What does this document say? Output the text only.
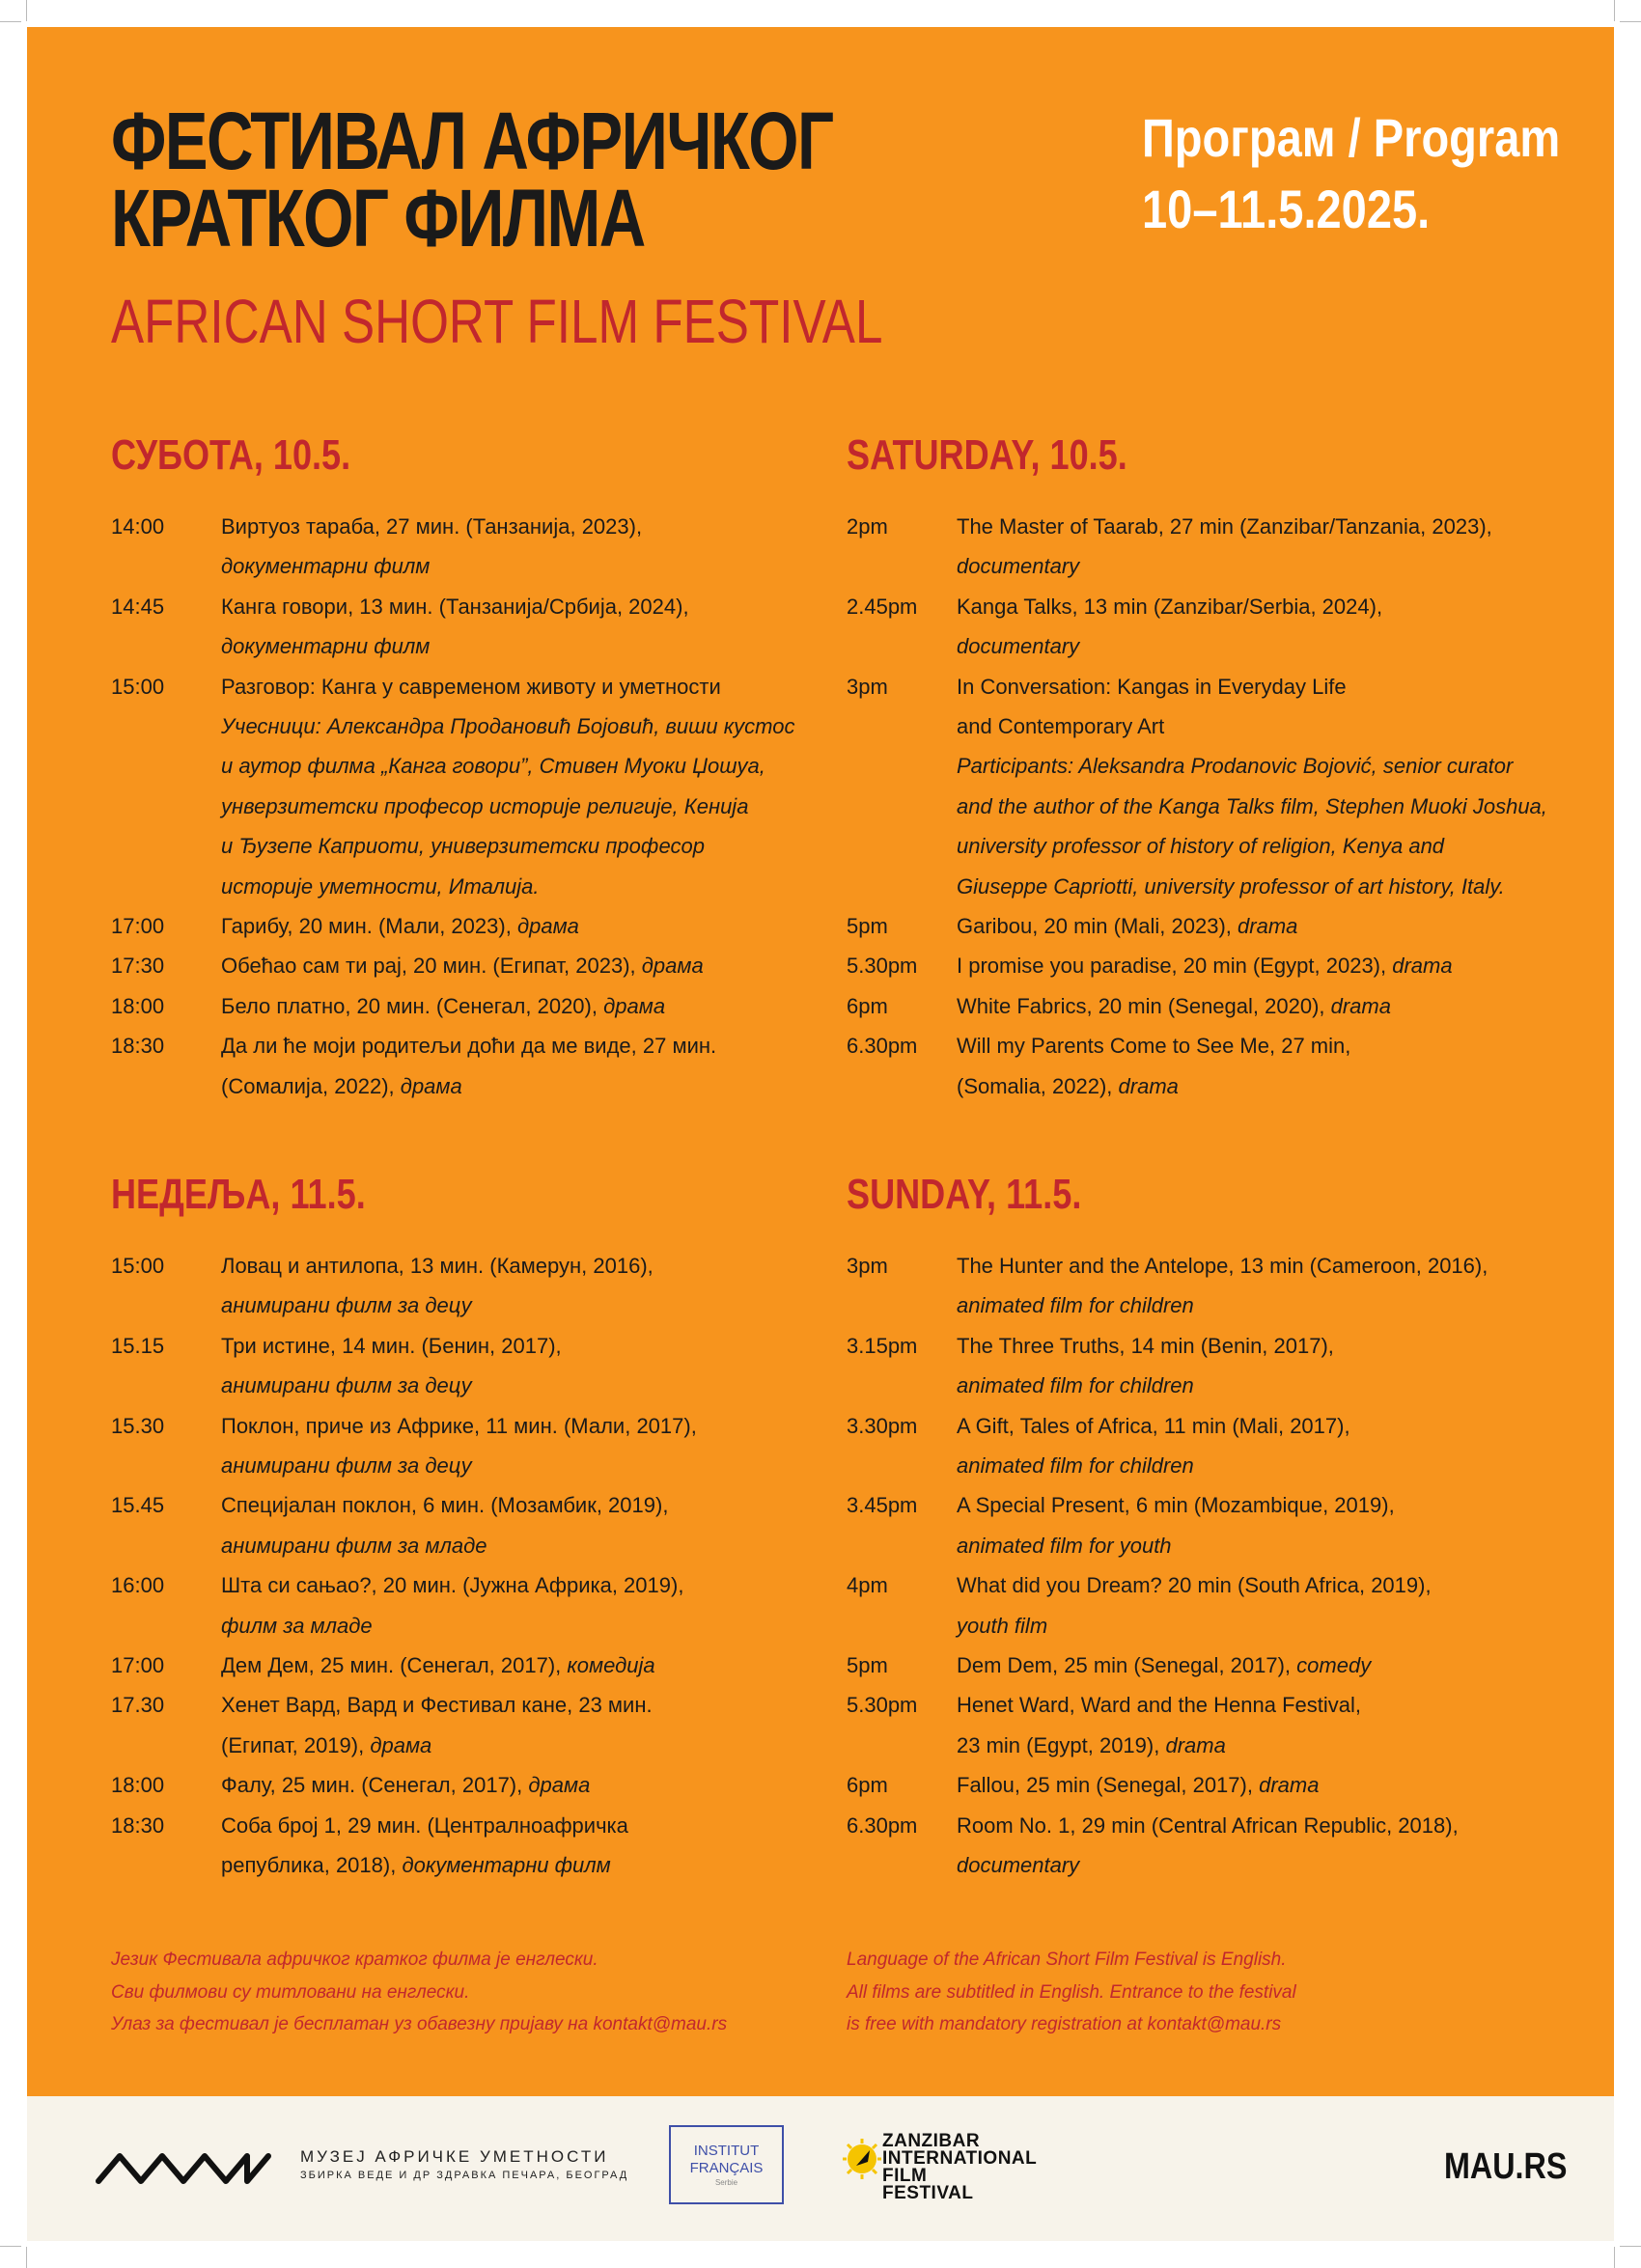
ФЕСТИВАЛ АФРИЧКОГ
КРАТКОГ ФИЛМА
AFRICAN SHORT FILM FESTIVAL
Програм / Program
10–11.5.2025.
СУБОТА, 10.5.
14:00	Виртуоз тараба, 27 мин. (Танзанија, 2023),
документарни филм
14:45	Канга говори, 13 мин. (Танзанија/Србија, 2024),
документарни филм
15:00	Разговор: Канга у савременом животу и уметности
Учесници: Александра Продановић Бојовић, виши кустос
и аутор филма „Канга говори”, Стивен Муоки Џошуа,
унверзитетски професор историје религије, Кенија
и Ђузепе Каприоти, универзитетски професор
историје уметности, Италија.
17:00	Гарибу, 20 мин. (Мали, 2023), драма
17:30	Обећао сам ти рај, 20 мин. (Египат, 2023), драма
18:00	Бело платно, 20 мин. (Сенегал, 2020), драма
18:30	Да ли ће моји родитељи доћи да ме виде, 27 мин.
(Сомалија, 2022), драма
SATURDAY, 10.5.
2pm	The Master of Taarab, 27 min (Zanzibar/Tanzania, 2023),
documentary
2.45pm	Kanga Talks, 13 min (Zanzibar/Serbia, 2024),
documentary
3pm	In Conversation: Kangas in Everyday Life
and Contemporary Art
Participants: Aleksandra Prodanovic Bojović, senior curator
and the author of the Kanga Talks film, Stephen Muoki Joshua,
university professor of history of religion, Kenya and
Giuseppe Capriotti, university professor of art history, Italy.
5pm	Garibou, 20 min (Mali, 2023), drama
5.30pm	I promise you paradise, 20 min (Egypt, 2023), drama
6pm	White Fabrics, 20 min (Senegal, 2020), drama
6.30pm	Will my Parents Come to See Me, 27 min,
(Somalia, 2022), drama
НЕДЕЉА, 11.5.
15:00	Ловац и антилопа, 13 мин. (Камерун, 2016),
анимирани филм за децу
15.15	Три истине, 14 мин. (Бенин, 2017),
анимирани филм за децу
15.30	Поклон, приче из Африке, 11 мин. (Мали, 2017),
анимирани филм за децу
15.45	Специјалан поклон, 6 мин. (Мозамбик, 2019),
анимирани филм за младе
16:00	Шта си сањао?, 20 мин. (Јужна Африка, 2019),
филм за младе
17:00	Дем Дем, 25 мин. (Сенегал, 2017), комедија
17.30	Хенет Вард, Вард и Фестивал кане, 23 мин.
(Египат, 2019), драма
18:00	Фалу, 25 мин. (Сенегал, 2017), драма
18:30	Соба број 1, 29 мин. (Централноафричка
република, 2018), документарни филм
SUNDAY, 11.5.
3pm	The Hunter and the Antelope, 13 min (Cameroon, 2016),
animated film for children
3.15pm	The Three Truths, 14 min (Benin, 2017),
animated film for children
3.30pm	A Gift, Tales of Africa, 11 min (Mali, 2017),
animated film for children
3.45pm	A Special Present, 6 min (Mozambique, 2019),
animated film for youth
4pm	What did you Dream? 20 min (South Africa, 2019),
youth film
5pm	Dem Dem, 25 min (Senegal, 2017), comedy
5.30pm	Henet Ward, Ward and the Henna Festival,
23 min (Egypt, 2019), drama
6pm	Fallou, 25 min (Senegal, 2017), drama
6.30pm	Room No. 1, 29 min (Central African Republic, 2018),
documentary
Језик Фестивала афричког кратког филма је енглески.
Сви филмови су титловани на енглески.
Улаз за фестивал је бесплатан уз обавезну пријаву на kontakt@mau.rs
Language of the African Short Film Festival is English.
All films are subtitled in English. Entrance to the festival
is free with mandatory registration at kontakt@mau.rs
МУЗЕЈ АФРИЧКЕ УМЕТНОСТИ
ЗБИРКА ВЕДЕ И ДР ЗДРАВКА ПЕЧАРА, БЕОГРАД
INSTITUT
FRANÇAIS
Serbie
ZANZIBAR
INTERNATIONAL
FILM
FESTIVAL
MAU.RS
